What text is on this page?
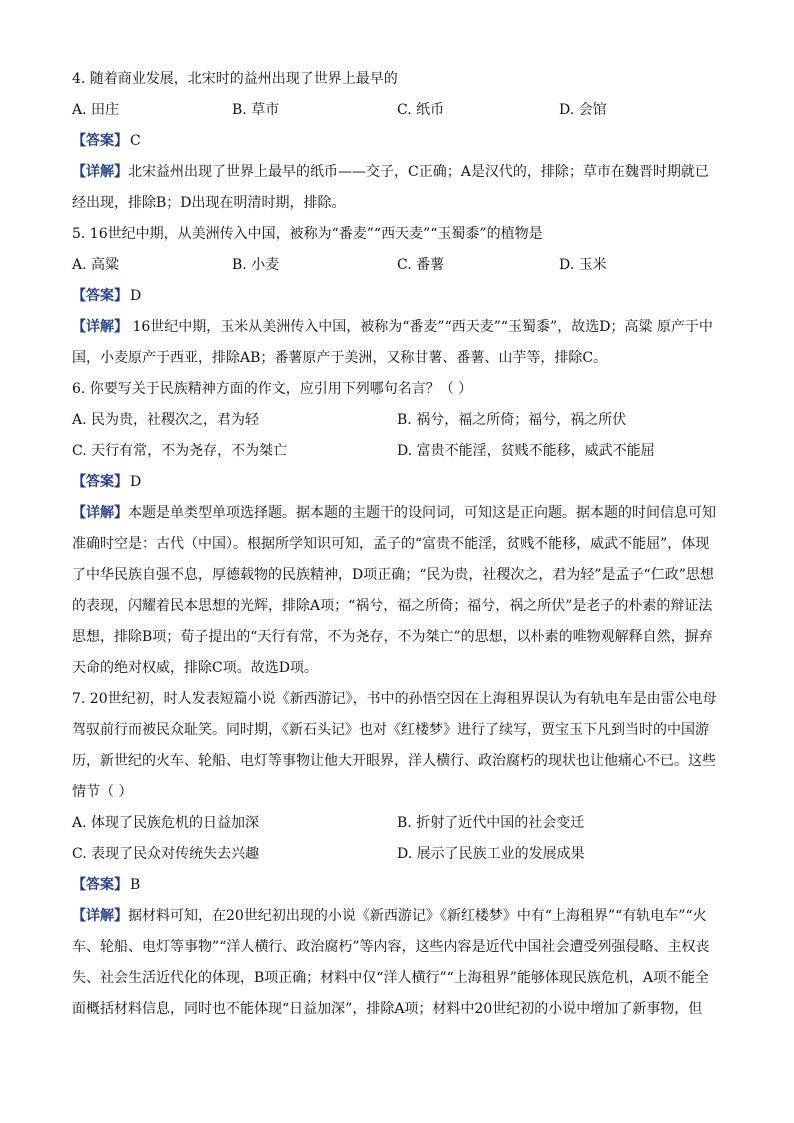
4. 随着商业发展，北宋时的益州出现了世界上最早的
A. 田庄	B. 草市	C. 纸币	D. 会馆
【答案】 C
【详解】北宋益州出现了世界上最早的纸币——交子，C正确；A是汉代的，排除；草市在魏晋时期就已经出现，排除B；D出现在明清时期，排除。
5. 16世纪中期，从美洲传入中国，被称为“番麦”“西天麦”“玉蜀黍”的植物是
A. 高粱	B. 小麦	C. 番薯	D. 玉米
【答案】 D
【详解】 16世纪中期，玉米从美洲传入中国，被称为“番麦”“西天麦”“玉蜀黍”，故选D；高粱 原产于中国，小麦原产于西亚，排除AB；番薯原产于美洲，又称甘薯、番薯、山芋等，排除C。
6. 你要写关于民族精神方面的作文，应引用下列哪句名言？（ ）
A. 民为贵，社稷次之，君为轻	B. 祸兮，福之所倚；福兮，祸之所伏
C. 天行有常，不为尧存，不为桀亡	D. 富贵不能淫，贫贱不能移，威武不能屈
【答案】 D
【详解】本题是单类型单项选择题。据本题的主题干的设问词，可知这是正向题。据本题的时间信息可知准确时空是：古代（中国）。根据所学知识可知，孟子的“富贵不能淫，贫贱不能移，威武不能屈”，体现了中华民族自强不息，厚德载物的民族精神，D项正确；“民为贵，社稷次之，君为轻”是孟子“仁政”思想的表现，闪耀着民本思想的光辉，排除A项；“祸兮，福之所倚；福兮，祸之所伏”是老子的朴素的辩证法思想，排除B项；荀子提出的“天行有常，不为尧存，不为桀亡”的思想，以朴素的唯物观解释自然，摒弃天命的绝对权威，排除C项。故选D项。
7. 20世纪初，时人发表短篇小说《新西游记》，书中的孙悟空因在上海租界误认为有轨电车是由雷公电母驾驭前行而被民众耻笑。同时期，《新石头记》也对《红楼梦》进行了续写，贾宝玉下凡到当时的中国游历，新世纪的火车、轮船、电灯等事物让他大开眼界，洋人横行、政治腐朽的现状也让他痛心不已。这些情节（ ）
A. 体现了民族危机的日益加深	B. 折射了近代中国的社会变迁
C. 表现了民众对传统失去兴趣	D. 展示了民族工业的发展成果
【答案】 B
【详解】据材料可知，在20世纪初出现的小说《新西游记》《新红楼梦》中有“上海租界”“有轨电车”“火车、轮船、电灯等事物”“洋人横行、政治腐朽”等内容，这些内容是近代中国社会遭受列强侵略、主权丧失、社会生活近代化的体现，B项正确；材料中仅“洋人横行”“上海租界”能够体现民族危机，A项不能全面概括材料信息，同时也不能体现“日益加深”，排除A项；材料中20世纪初的小说中增加了新事物，但
